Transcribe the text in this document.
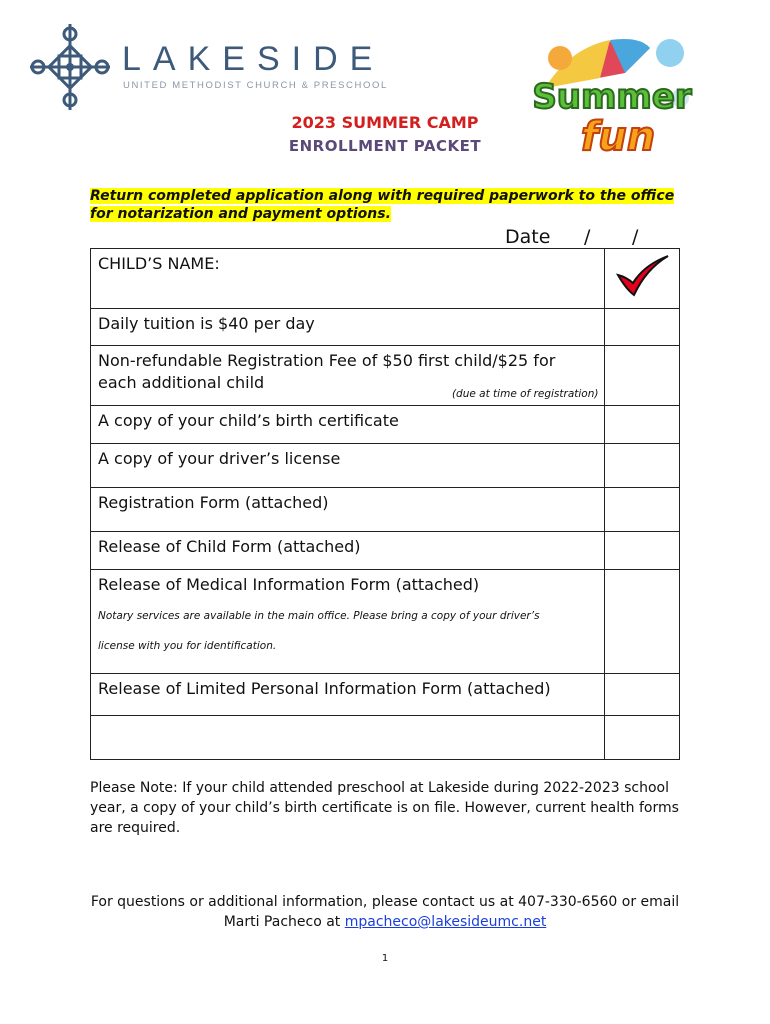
LAKESIDE
UNITED METHODIST CHURCH & PRESCHOOL	Summer
fun
2023 SUMMER CAMP
ENROLLMENT PACKET
Return completed application along with required paperwork to the office for notarization and payment options.
Date / /
CHILD’S NAME:	

Daily tuition is $40 per day	
Non-refundable Registration Fee of $50 first child/$25 for each additional child
(due at time of registration)	

A copy of your child’s birth certificate	
A copy of your driver’s license	
Registration Form (attached)	
Release of Child Form (attached)	
Release of Medical Information Form (attached)
Notary services are available in the main office. Please bring a copy of your driver’s
license with you for identification.	

Release of Limited Personal Information Form (attached)	

Please Note: If your child attended preschool at Lakeside during 2022-2023 school year, a copy of your child’s birth certificate is on file. However, current health forms are required.
For questions or additional information, please contact us at 407-330-6560 or email
Marti Pacheco at mpacheco@lakesideumc.net
1
